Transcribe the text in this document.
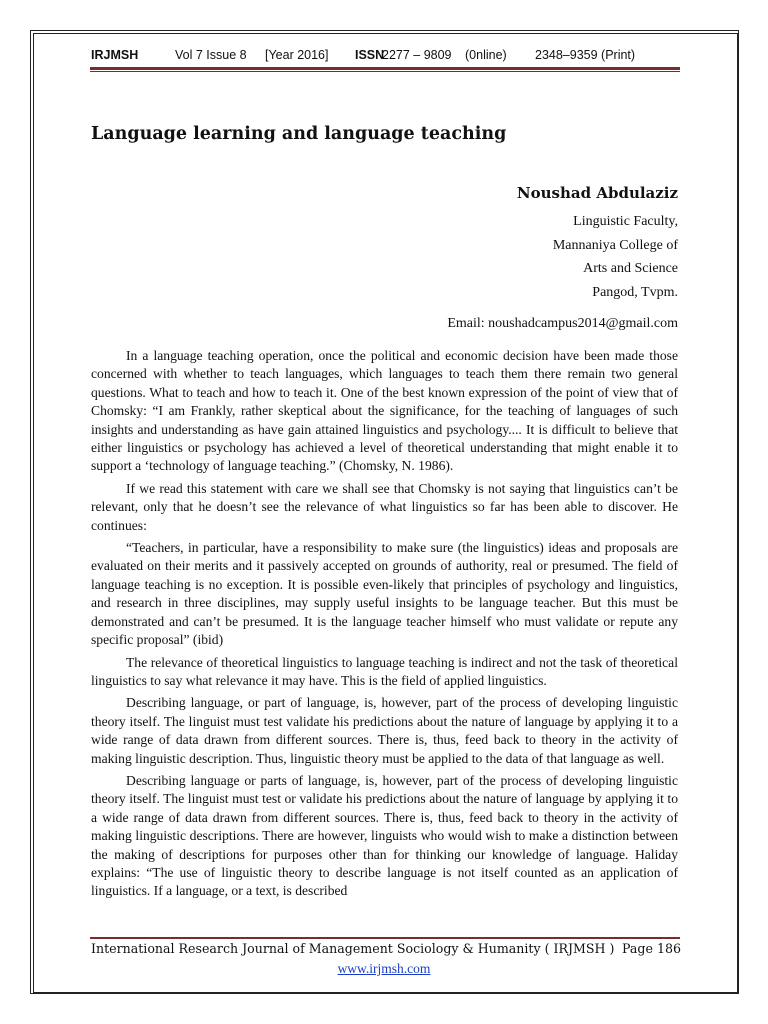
IRJMSH	Vol 7 Issue 8 [Year 2016] ISSN2277 – 9809 (0nline) 2348–9359 (Print)
Language learning and language teaching
Noushad Abdulaziz
Linguistic Faculty,
Mannaniya College of
Arts and Science
Pangod, Tvpm.
Email: noushadcampus2014@gmail.com

In a language teaching operation, once the political and economic decision have been made those concerned with whether to teach languages, which languages to teach them there remain two general questions. What to teach and how to teach it. One of the best known expression of the point of view that of Chomsky: “I am Frankly, rather skeptical about the significance, for the teaching of languages of such insights and understanding as have gain attained linguistics and psychology.... It is difficult to believe that either linguistics or psychology has achieved a level of theoretical understanding that might enable it to support a ‘technology of language teaching.” (Chomsky, N. 1986).

If we read this statement with care we shall see that Chomsky is not saying that linguistics can’t be relevant, only that he doesn’t see the relevance of what linguistics so far has been able to discover. He continues:

“Teachers, in particular, have a responsibility to make sure (the linguistics) ideas and proposals are evaluated on their merits and it passively accepted on grounds of authority, real or presumed. The field of language teaching is no exception. It is possible even-likely that principles of psychology and linguistics, and research in three disciplines, may supply useful insights to be language teacher. But this must be demonstrated and can’t be presumed. It is the language teacher himself who must validate or repute any specific proposal” (ibid)

The relevance of theoretical linguistics to language teaching is indirect and not the task of theoretical linguistics to say what relevance it may have. This is the field of applied linguistics.

Describing language, or part of language, is, however, part of the process of developing linguistic theory itself. The linguist must test validate his predictions about the nature of language by applying it to a wide range of data drawn from different sources. There is, thus, feed back to theory in the activity of making linguistic description. Thus, linguistic theory must be applied to the data of that language as well.

Describing language or parts of language, is, however, part of the process of developing linguistic theory itself. The linguist must test or validate his predictions about the nature of language by applying it to a wide range of data drawn from different sources. There is, thus, feed back to theory in the activity of making linguistic descriptions. There are however, linguists who would wish to make a distinction between the making of descriptions for purposes other than for thinking our knowledge of language. Haliday explains: “The use of linguistic theory to describe language is not itself counted as an application of linguistics. If a language, or a text, is described

International Research Journal of Management Sociology & Humanity ( IRJMSH ) Page 186
www.irjmsh.com
